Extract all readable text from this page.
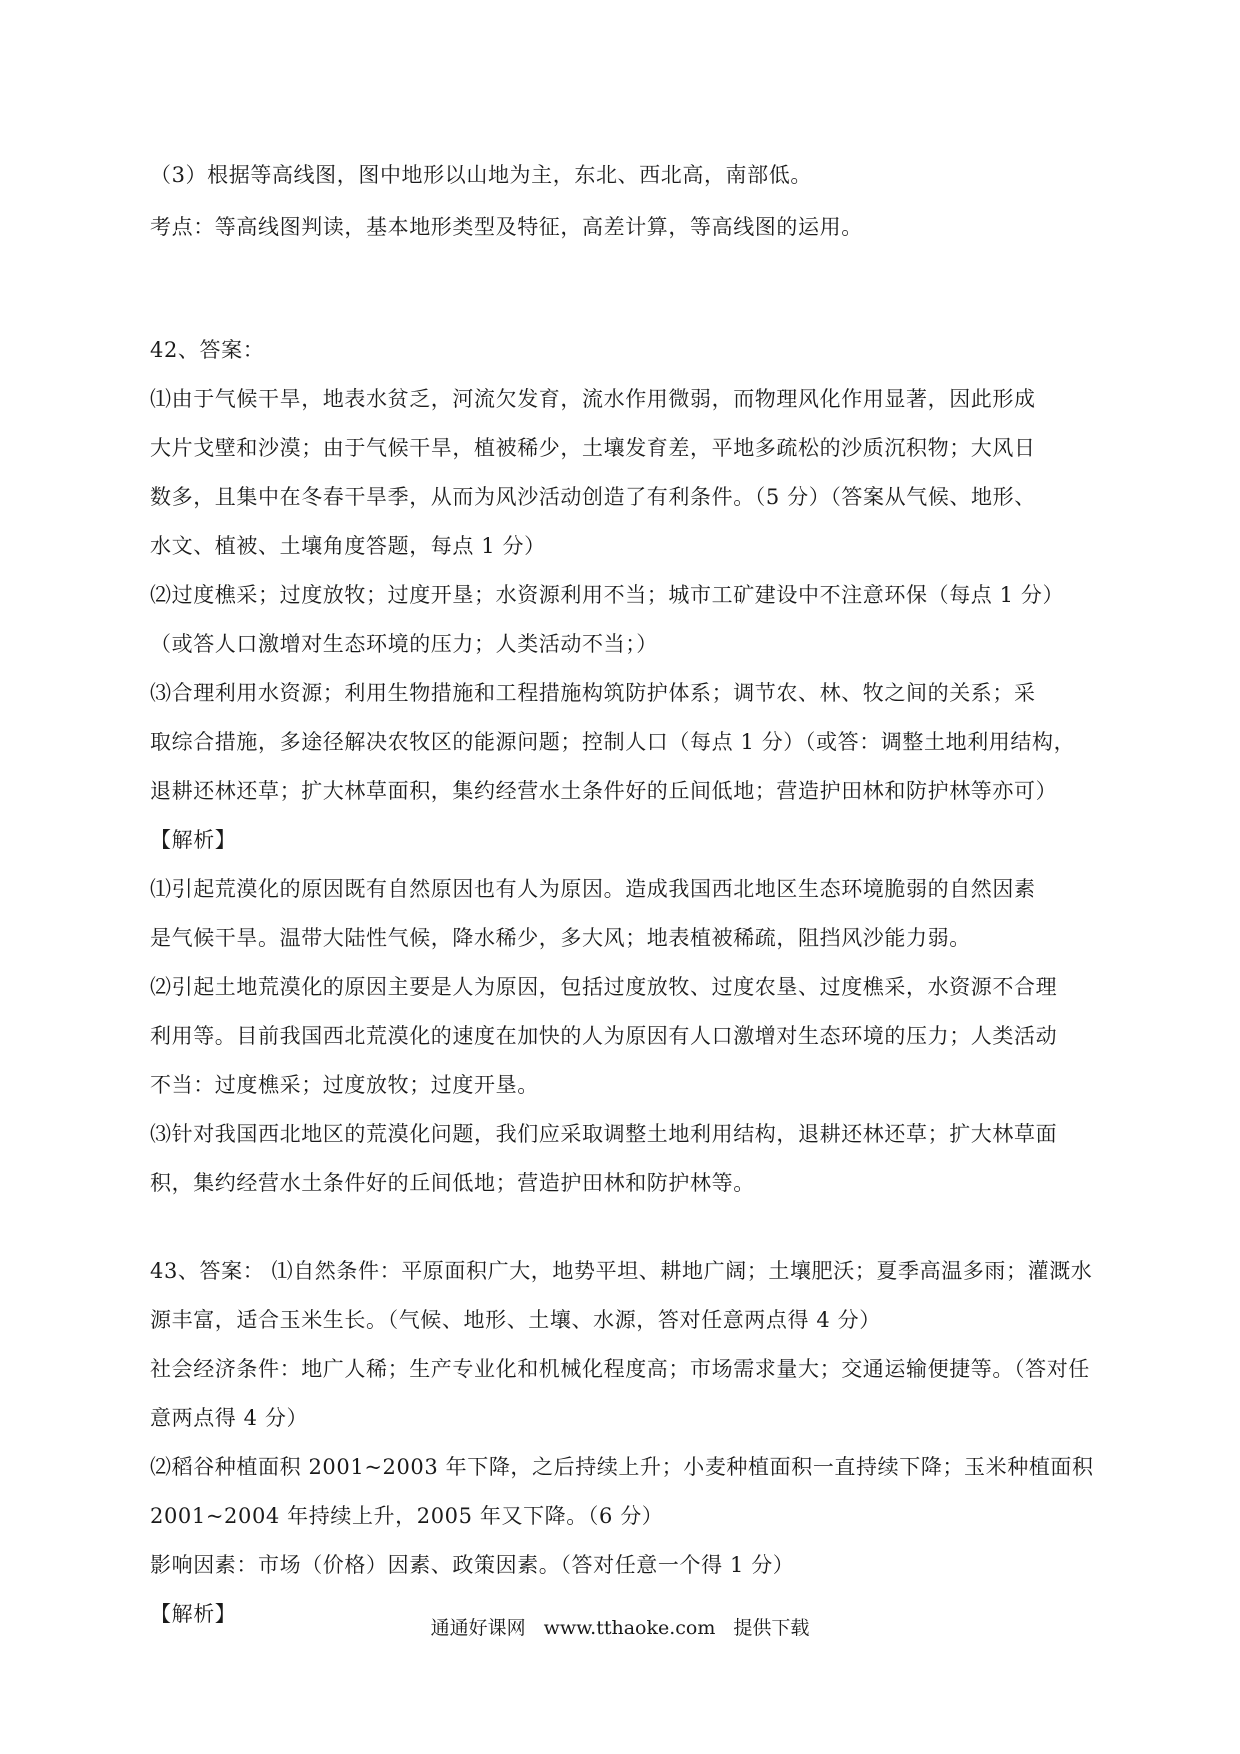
（3）根据等高线图，图中地形以山地为主，东北、西北高，南部低。
考点：等高线图判读，基本地形类型及特征，高差计算，等高线图的运用。
42、答案：
⑴由于气候干旱，地表水贫乏，河流欠发育，流水作用微弱，而物理风化作用显著，因此形成
大片戈壁和沙漠；由于气候干旱，植被稀少，土壤发育差，平地多疏松的沙质沉积物；大风日
数多，且集中在冬春干旱季，从而为风沙活动创造了有利条件。（5 分）（答案从气候、地形、
水文、植被、土壤角度答题，每点 1 分）
⑵过度樵采；过度放牧；过度开垦；水资源利用不当；城市工矿建设中不注意环保（每点 1 分）
（或答人口激增对生态环境的压力；人类活动不当；）
⑶合理利用水资源；利用生物措施和工程措施构筑防护体系；调节农、林、牧之间的关系；采
取综合措施，多途径解决农牧区的能源问题；控制人口（每点 1 分）（或答：调整土地利用结构，
退耕还林还草；扩大林草面积，集约经营水土条件好的丘间低地；营造护田林和防护林等亦可）
【解析】
⑴引起荒漠化的原因既有自然原因也有人为原因。造成我国西北地区生态环境脆弱的自然因素
是气候干旱。温带大陆性气候，降水稀少，多大风；地表植被稀疏，阻挡风沙能力弱。
⑵引起土地荒漠化的原因主要是人为原因，包括过度放牧、过度农垦、过度樵采，水资源不合理
利用等。目前我国西北荒漠化的速度在加快的人为原因有人口激增对生态环境的压力；人类活动
不当：过度樵采；过度放牧；过度开垦。
⑶针对我国西北地区的荒漠化问题，我们应采取调整土地利用结构，退耕还林还草；扩大林草面
积，集约经营水土条件好的丘间低地；营造护田林和防护林等。
43、答案： ⑴自然条件：平原面积广大，地势平坦、耕地广阔；土壤肥沃；夏季高温多雨；灌溉水
源丰富，适合玉米生长。（气候、地形、土壤、水源，答对任意两点得 4 分）
社会经济条件：地广人稀；生产专业化和机械化程度高；市场需求量大；交通运输便捷等。（答对任
意两点得 4 分）
⑵稻谷种植面积 2001~2003 年下降，之后持续上升；小麦种植面积一直持续下降；玉米种植面积
2001~2004 年持续上升，2005 年又下降。（6 分）
影响因素：市场（价格）因素、政策因素。（答对任意一个得 1 分）
【解析】
通通好课网 www.tthaoke.com 提供下载
